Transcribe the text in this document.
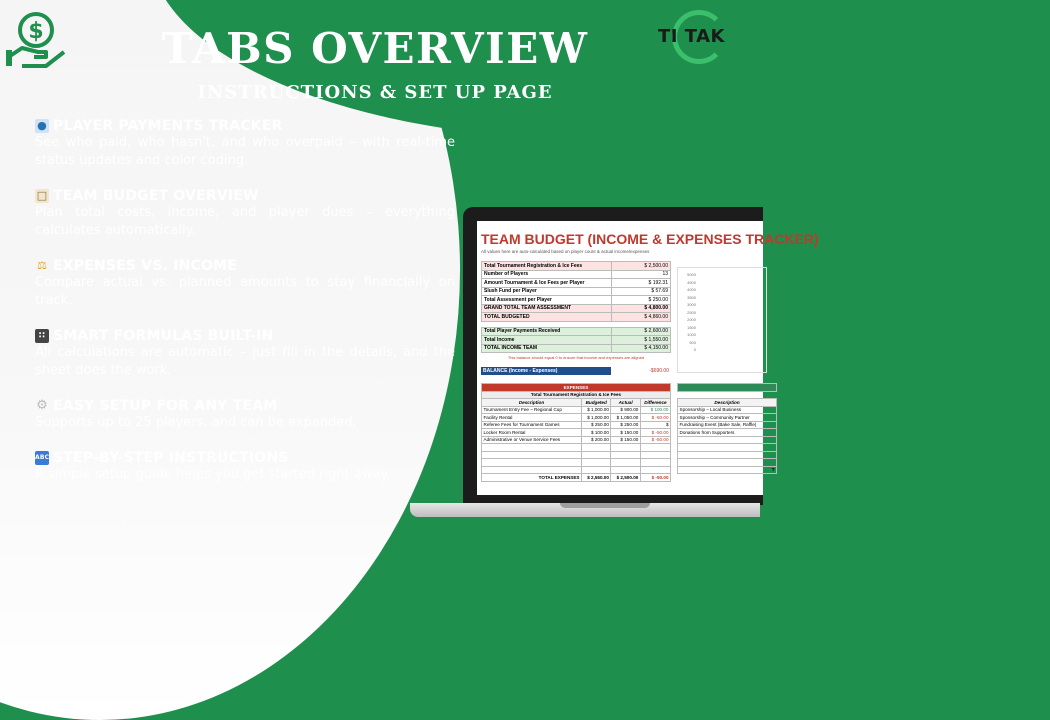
$	TI TAK
TABS OVERVIEW
INSTRUCTIONS & SET UP PAGE
● PLAYER PAYMENTS TRACKER
See who paid, who hasn't, and who overpaid – with real-time status updates and color coding.
□ TEAM BUDGET OVERVIEW
Plan total costs, income, and player dues – everything calculates automatically.
⚖ EXPENSES VS. INCOME
Compare actual vs. planned amounts to stay financially on track.
∷ SMART FORMULAS BUILT-IN
All calculations are automatic – just fill in the details, and the sheet does the work.
⚙ EASY SETUP FOR ANY TEAM
Supports up to 25 players, and can be expanded.
ABC STEP-BY-STEP INSTRUCTIONS
A simple setup guide helps you get started right away.
TEAM BUDGET (INCOME & EXPENSES TRACKER)
All values here are auto-calculated based on player count & actual income/expenses
Total Tournament Registration & Ice Fees	$ 2,500.00
Number of Players	13
Amount Tournament & Ice Fees per Player	$ 192.31
Slush Fund per Player	$ 57.69
Total Assessment per Player	$ 250.00
GRAND TOTAL TEAM ASSESSMENT	$ 4,800.00
TOTAL BUDGETED	$ 4,860.00

Total Player Payments Received	$ 2,600.00
Total Income	$ 1,550.00
TOTAL INCOME TEAM	$ 4,150.00
This balance should equal 0 to ensure that income and expenses are aligned	
BALANCE (Income - Expenses)	-$690.00
5000
4500
4000
3500
3000
2500
2000
1500
1000
500
0
EXPENSES			
Total Tournament Registration & Ice Fees			
Description	Budgeted	Actual	Difference
Tournament Entry Fee – Regional Cup	$ 1,000.00	$ 900.00	$ 100.00
Facility Rental	$ 1,000.00	$ 1,050.00	$ -50.00
Referee Fees for Tournament Games	$ 250.00	$ 250.00	$
Locker Room Rental	$ 100.00	$ 150.00	$ -50.00
Administrative or Venue Service Fees	$ 200.00	$ 150.00	$ -50.00

TOTAL EXPENSES	$ 2,550.00	$ 2,500.00	$ -50.00

Description
Sponsorship – Local Business
Sponsorship – Community Partner
Fundraising Event (Bake Sale, Raffle)
Donations from Supporters

T
